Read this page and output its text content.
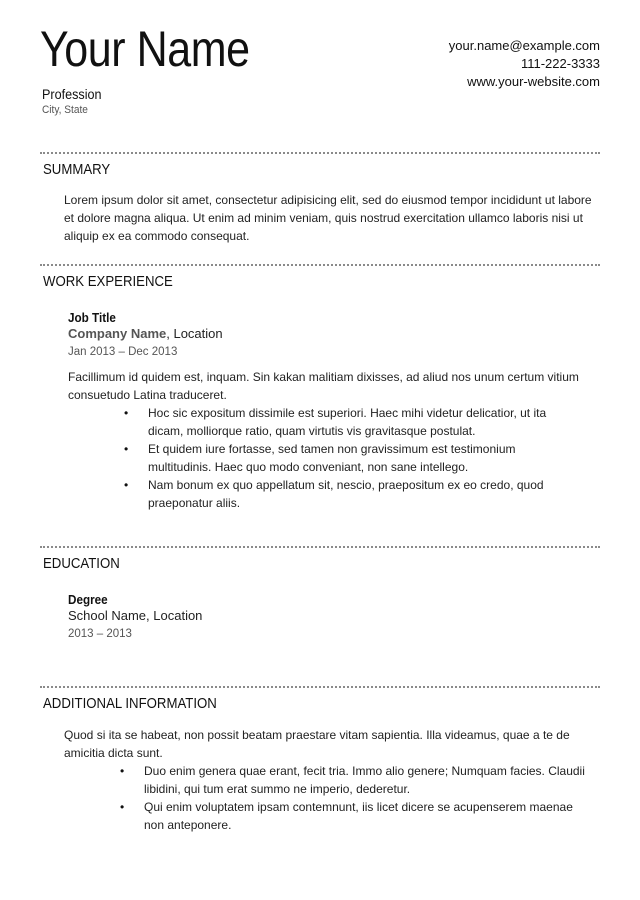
Your Name
Profession
City, State
your.name@example.com
111-222-3333
www.your-website.com
SUMMARY

Lorem ipsum dolor sit amet, consectetur adipisicing elit, sed do eiusmod tempor incididunt ut labore et dolore magna aliqua. Ut enim ad minim veniam, quis nostrud exercitation ullamco laboris nisi ut aliquip ex ea commodo consequat.

WORK EXPERIENCE
Job Title
Company Name, Location
Jan 2013 – Dec 2013

Facillimum id quidem est, inquam. Sin kakan malitiam dixisses, ad aliud nos unum certum vitium consuetudo Latina traduceret.

• Hoc sic expositum dissimile est superiori. Haec mihi videtur delicatior, ut ita dicam, molliorque ratio, quam virtutis vis gravitasque postulat.
• Et quidem iure fortasse, sed tamen non gravissimum est testimonium multitudinis. Haec quo modo conveniant, non sane intellego.
• Nam bonum ex quo appellatum sit, nescio, praepositum ex eo credo, quod praeponatur aliis.
EDUCATION
Degree
School Name, Location
2013 – 2013
ADDITIONAL INFORMATION

Quod si ita se habeat, non possit beatam praestare vitam sapientia. Illa videamus, quae a te de amicitia dicta sunt.

• Duo enim genera quae erant, fecit tria. Immo alio genere; Numquam facies. Claudii libidini, qui tum erat summo ne imperio, dederetur.
• Qui enim voluptatem ipsam contemnunt, iis licet dicere se acupenserem maenae non anteponere.
